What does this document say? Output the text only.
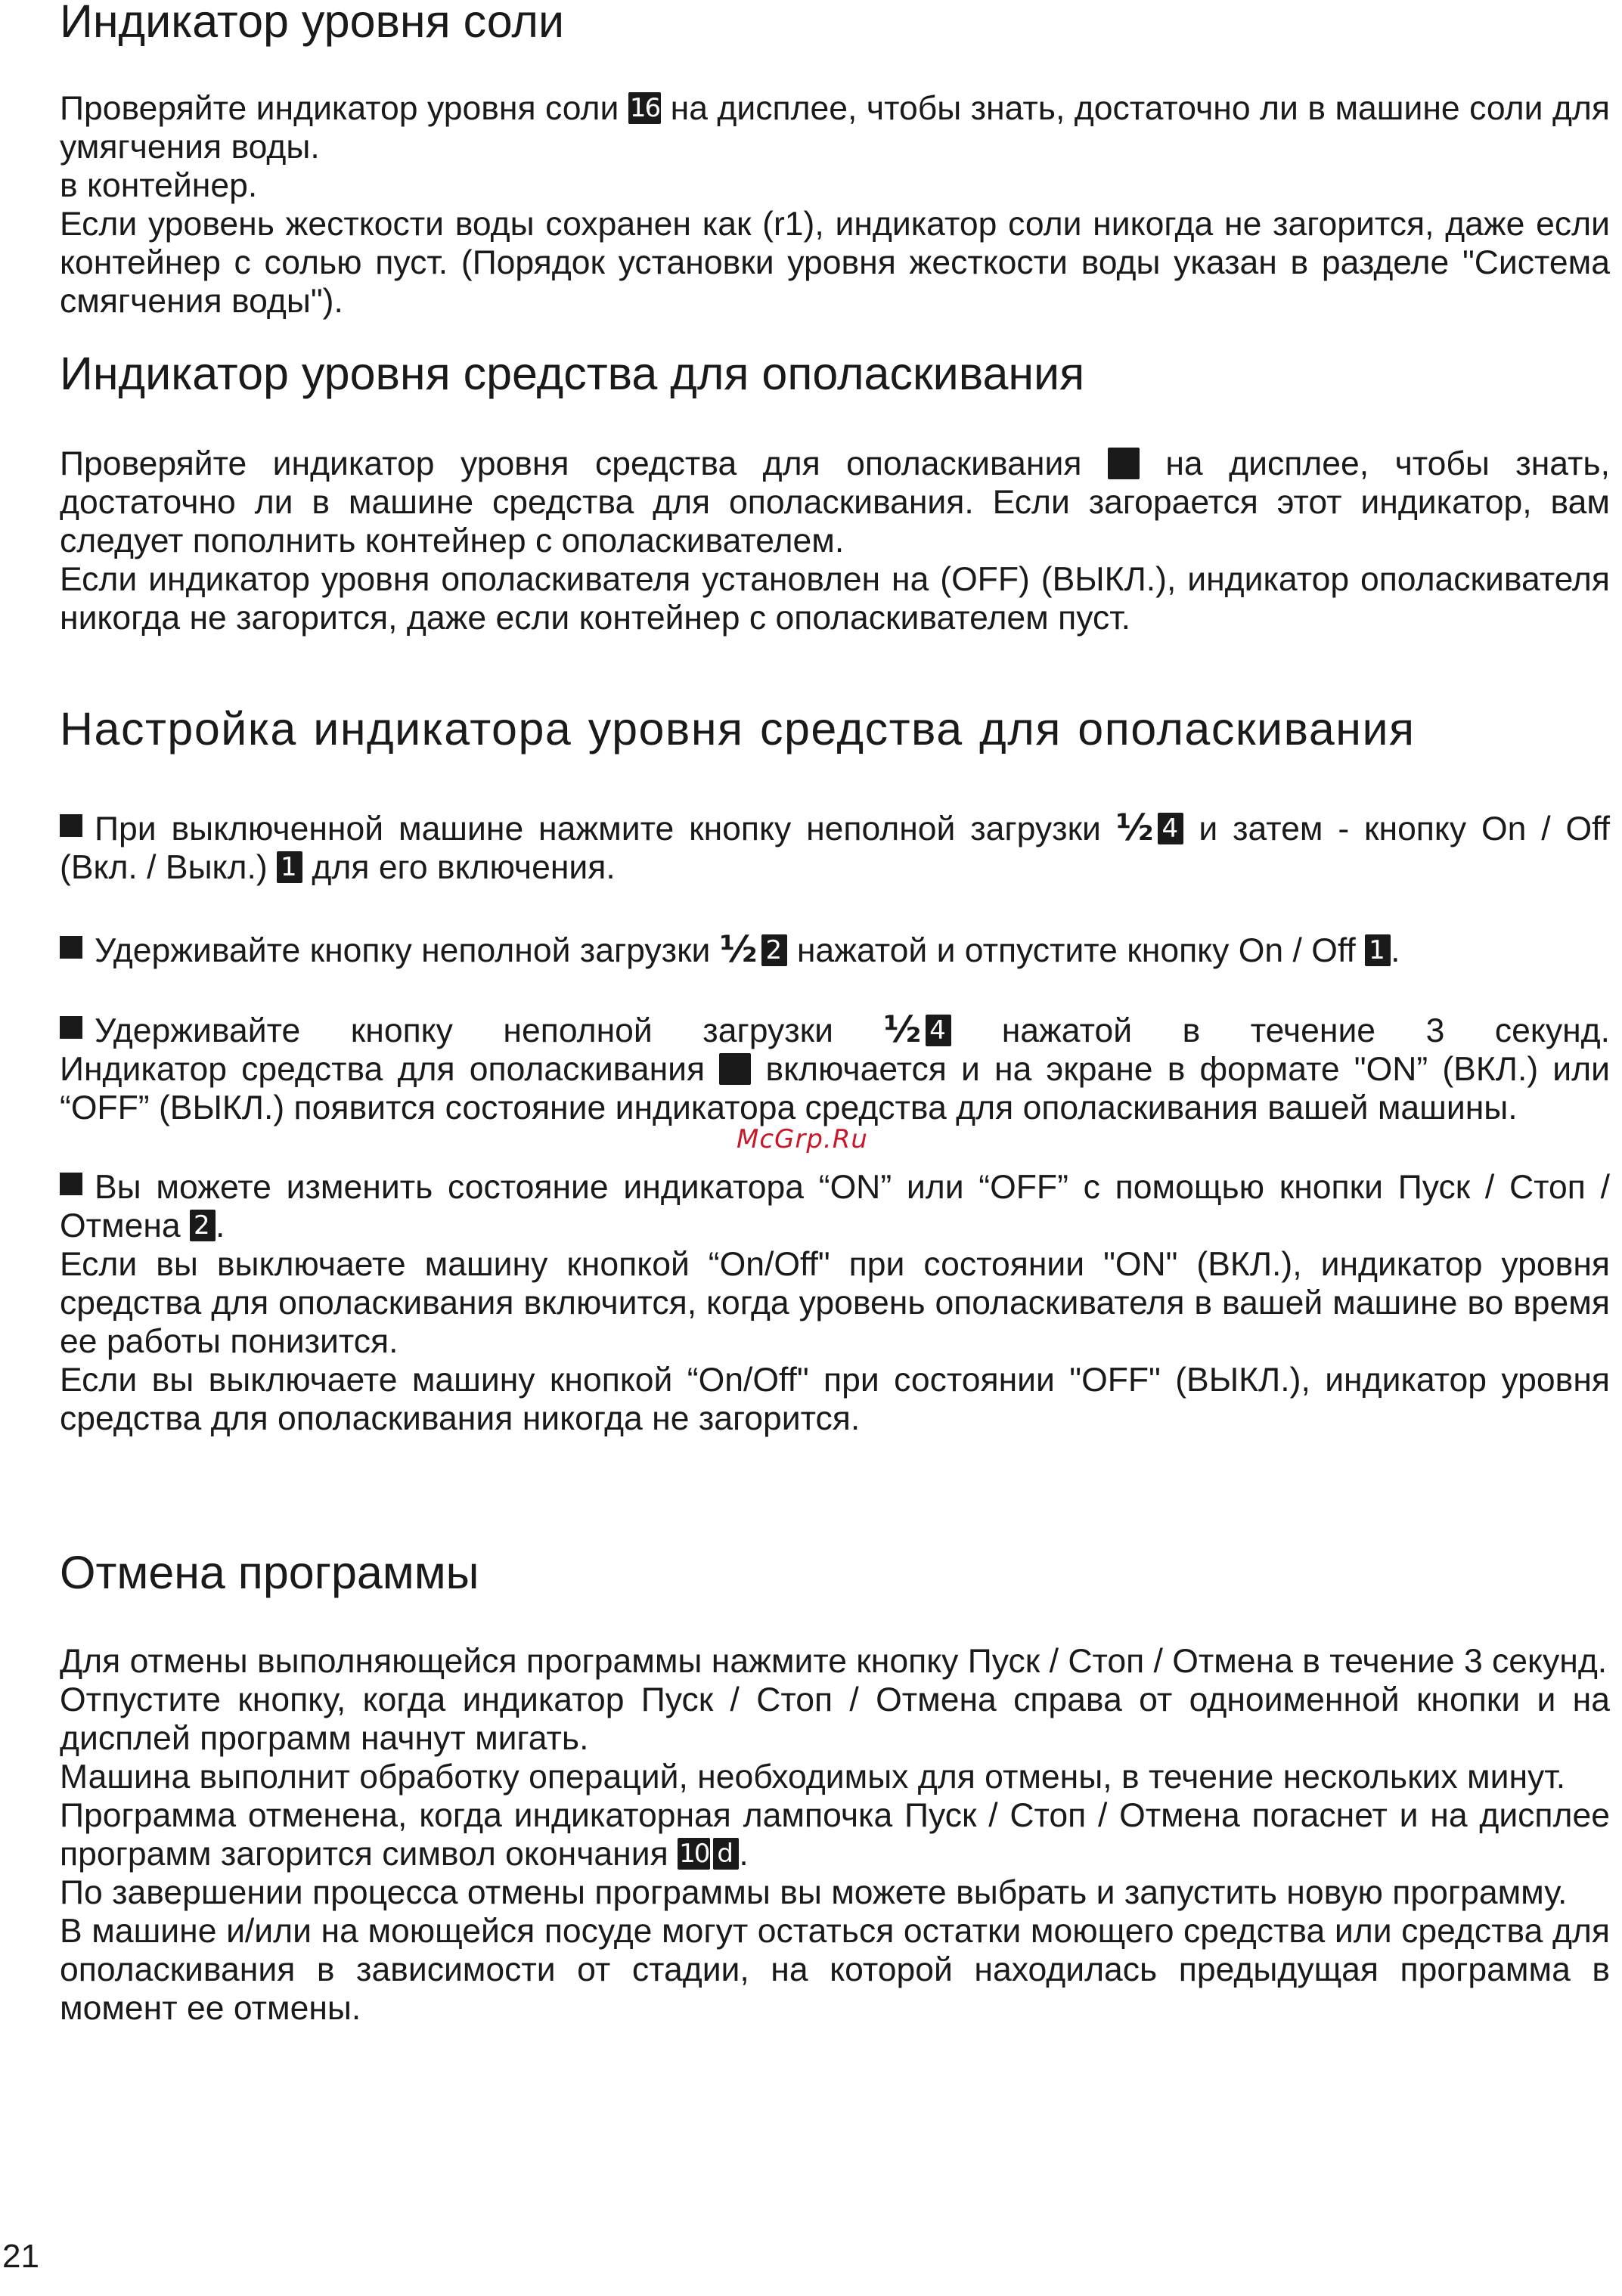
Индикатор уровня соли

Проверяйте индикатор уровня соли 16 на дисплее, чтобы знать, достаточно ли в машине соли для умягчения воды.

в контейнер.

Если уровень жесткости воды сохранен как (r1), индикатор соли никогда не загорится, даже если контейнер с солью пуст. (Порядок установки уровня жесткости воды указан в разделе "Система смягчения воды").

Индикатор уровня средства для ополаскивания

Проверяйте индикатор уровня средства для ополаскивания на дисплее, чтобы знать, достаточно ли в машине средства для ополаскивания. Если загорается этот индикатор, вам следует пополнить контейнер с ополаскивателем.

Если индикатор уровня ополаскивателя установлен на (OFF) (ВЫКЛ.), индикатор ополаскивателя никогда не загорится, даже если контейнер с ополаскивателем пуст.

Настройка индикатора уровня средства для ополаскивания

При выключенной машине нажмите кнопку неполной загрузки ½ 4 и затем - кнопку On / Off (Вкл. / Выкл.) 1 для его включения.

Удерживайте кнопку неполной загрузки ½ 2 нажатой и отпустите кнопку On / Off 1 .

Удерживайте кнопку неполной загрузки ½ 4 нажатой в течение 3 секунд.

Индикатор средства для ополаскивания включается и на экране в формате "ON” (ВКЛ.) или “OFF” (ВЫКЛ.) появится состояние индикатора средства для ополаскивания вашей машины.

Вы можете изменить состояние индикатора “ON” или “OFF” с помощью кнопки Пуск / Стоп / Отмена 2 .

Если вы выключаете машину кнопкой “On/Off" при состоянии "ON" (ВКЛ.), индикатор уровня средства для ополаскивания включится, когда уровень ополаскивателя в вашей машине во время ее работы понизится.

Если вы выключаете машину кнопкой “On/Off" при состоянии "OFF" (ВЫКЛ.), индикатор уровня средства для ополаскивания никогда не загорится.

Отмена программы

Для отмены выполняющейся программы нажмите кнопку Пуск / Стоп / Отмена в течение 3 секунд.

Отпустите кнопку, когда индикатор Пуск / Стоп / Отмена справа от одноименной кнопки и на дисплей программ начнут мигать.

Машина выполнит обработку операций, необходимых для отмены, в течение нескольких минут.

Программа отменена, когда индикаторная лампочка Пуск / Стоп / Отмена погаснет и на дисплее программ загорится символ окончания 10 d .

По завершении процесса отмены программы вы можете выбрать и запустить новую программу.

В машине и/или на моющейся посуде могут остаться остатки моющего средства или средства для ополаскивания в зависимости от стадии, на которой находилась предыдущая программа в момент ее отмены.

McGrp.Ru
21
